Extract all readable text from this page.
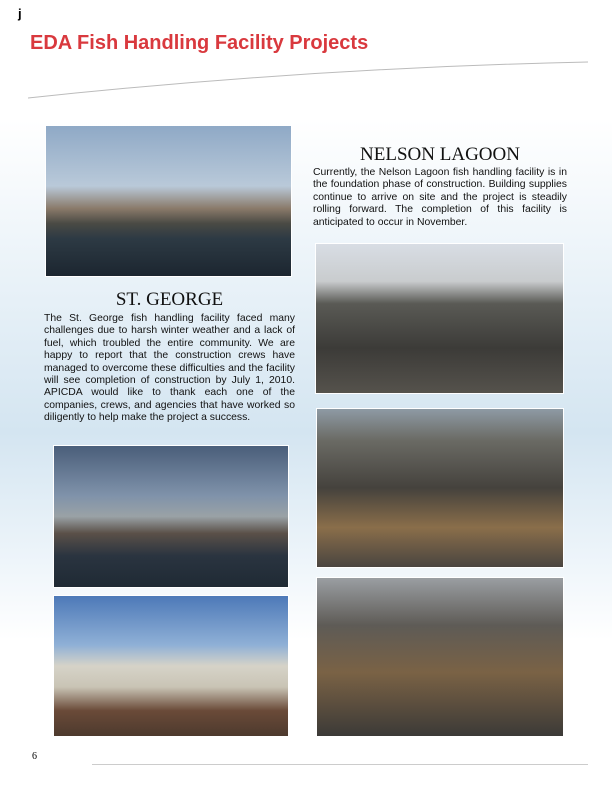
j
EDA Fish Handling Facility Projects
NELSON LAGOON
Currently, the Nelson Lagoon fish handling facility is in the foundation phase of construction. Building supplies continue to arrive on site and the project is steadily rolling forward. The completion of this facility is anticipated to occur in November.
ST. GEORGE
The St. George fish handling facility faced many challenges due to harsh winter weather and a lack of fuel, which troubled the entire community. We are happy to report that the construction crews have managed to overcome these difficulties and the facility will see completion of construction by July 1, 2010. APICDA would like to thank each one of the companies, crews, and agencies that have worked so diligently to help make the project a success.
6
